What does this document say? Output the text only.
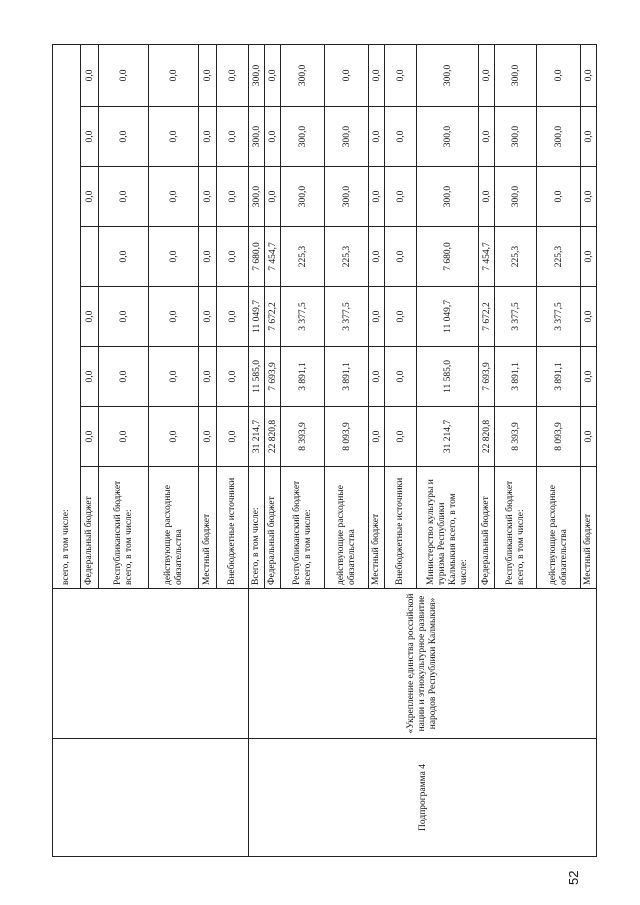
52
		всего, в том числе:							
		Федеральный бюджет	0,0	0,0	0,0		0,0	0,0	0,0
		Республиканский бюджет всего, в том числе:	0,0	0,0	0,0	0,0	0,0	0,0	0,0
		действующие расходные обязательства	0,0	0,0	0,0	0,0	0,0	0,0	0,0
		Местный бюджет	0,0	0,0	0,0	0,0	0,0	0,0	0,0
		Внебюджетные источники	0,0	0,0	0,0	0,0	0,0	0,0	0,0
Подпрограмма 4	«Укрепление единства российской нации и этнокультурное развитие народов Республики Калмыкия»	Всего, в том числе:	31 214,7	11 585,0	11 049,7	7 680,0	300,0	300,0	300,0
		Федеральный бюджет	22 820,8	7 693,9	7 672,2	7 454,7	0,0	0,0	0,0
		Республиканский бюджет всего, в том числе:	8 393,9	3 891,1	3 377,5	225,3	300,0	300,0	300,0
		действующие расходные обязательства	8 093,9	3 891,1	3 377,5	225,3	300,0	300,0	0,0
		Местный бюджет	0,0	0,0	0,0	0,0	0,0	0,0	0,0
		Внебюджетные источники	0,0	0,0	0,0	0,0	0,0	0,0	0,0
		Министерство культуры и туризма Республики Калмыкия всего, в том числе:	31 214,7	11 585,0	11 049,7	7 680,0	300,0	300,0	300,0
		Федеральный бюджет	22 820,8	7 693,9	7 672,2	7 454,7	0,0	0,0	0,0
		Республиканский бюджет всего, в том числе:	8 393,9	3 891,1	3 377,5	225,3	300,0	300,0	300,0
		действующие расходные обязательства	8 093,9	3 891,1	3 377,5	225,3	0,0	300,0	0,0
		Местный бюджет	0,0	0,0	0,0	0,0	0,0	0,0	0,0
